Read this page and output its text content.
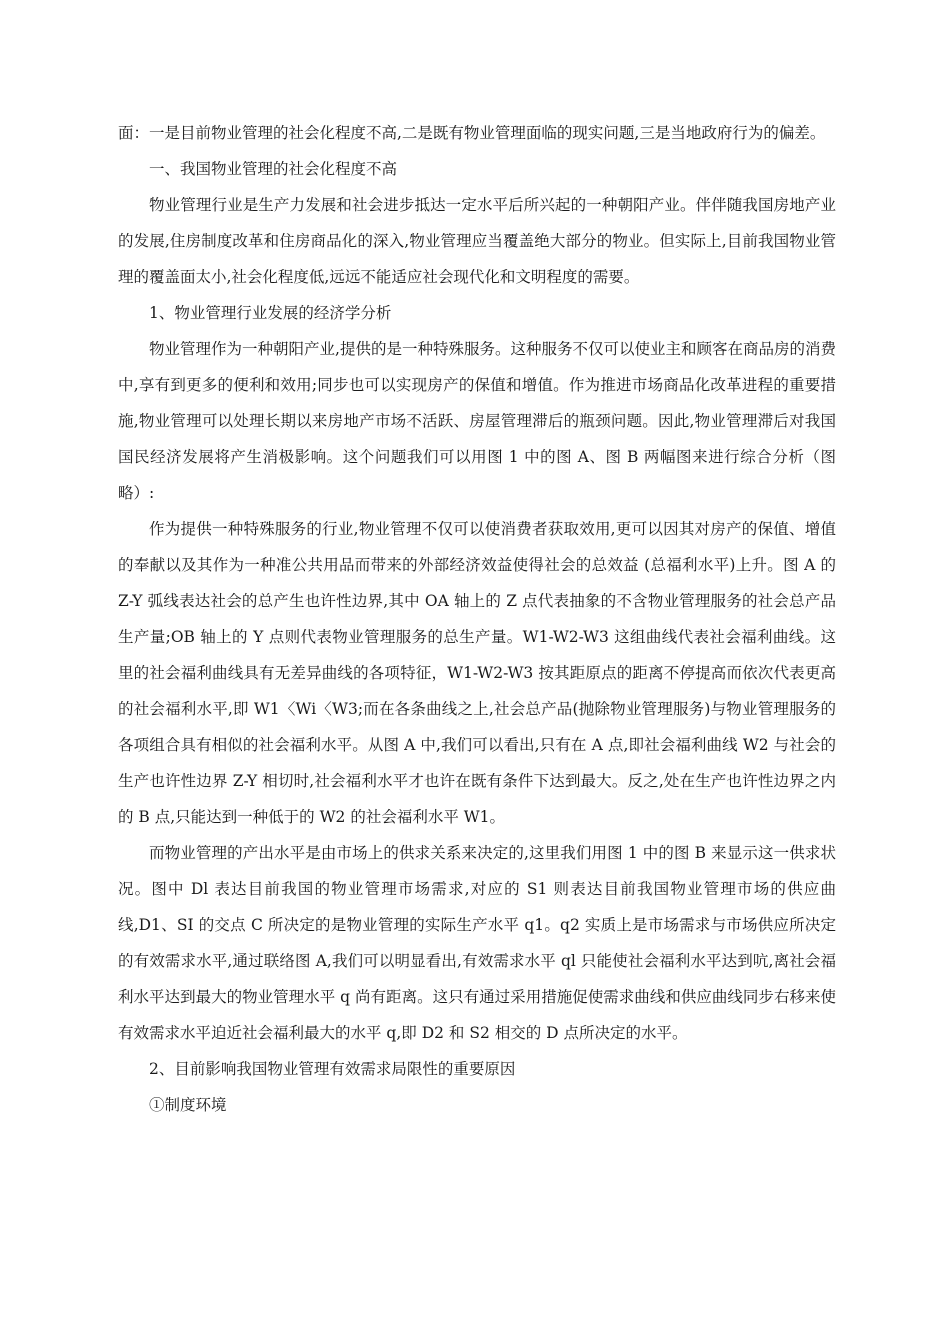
面：一是目前物业管理的社会化程度不高,二是既有物业管理面临的现实问题,三是当地政府行为的偏差。

一、我国物业管理的社会化程度不高

物业管理行业是生产力发展和社会进步抵达一定水平后所兴起的一种朝阳产业。伴伴随我国房地产业的发展,住房制度改革和住房商品化的深入,物业管理应当覆盖绝大部分的物业。但实际上,目前我国物业管理的覆盖面太小,社会化程度低,远远不能适应社会现代化和文明程度的需要。

1、物业管理行业发展的经济学分析

物业管理作为一种朝阳产业,提供的是一种特殊服务。这种服务不仅可以使业主和顾客在商品房的消费中,享有到更多的便利和效用;同步也可以实现房产的保值和增值。作为推进市场商品化改革进程的重要措施,物业管理可以处理长期以来房地产市场不活跃、房屋管理滞后的瓶颈问题。因此,物业管理滞后对我国国民经济发展将产生消极影响。这个问题我们可以用图 1 中的图 A、图 B 两幅图来进行综合分析（图略）:

作为提供一种特殊服务的行业,物业管理不仅可以使消费者获取效用,更可以因其对房产的保值、增值的奉献以及其作为一种准公共用品而带来的外部经济效益使得社会的总效益 (总福利水平)上升。图 A 的 Z-Y 弧线表达社会的总产生也许性边界,其中 OA 轴上的 Z 点代表抽象的不含物业管理服务的社会总产品生产量;OB 轴上的 Y 点则代表物业管理服务的总生产量。W1-W2-W3 这组曲线代表社会福利曲线。这里的社会福利曲线具有无差异曲线的各项特征，W1-W2-W3 按其距原点的距离不停提高而依次代表更高的社会福利水平,即 W1〈Wi〈W3;而在各条曲线之上,社会总产品(抛除物业管理服务)与物业管理服务的各项组合具有相似的社会福利水平。从图 A 中,我们可以看出,只有在 A 点,即社会福利曲线 W2 与社会的生产也许性边界 Z-Y 相切时,社会福利水平才也许在既有条件下达到最大。反之,处在生产也许性边界之内的 B 点,只能达到一种低于的 W2 的社会福利水平 W1。

而物业管理的产出水平是由市场上的供求关系来决定的,这里我们用图 1 中的图 B 来显示这一供求状况。图中 Dl 表达目前我国的物业管理市场需求,对应的 S1 则表达目前我国物业管理市场的供应曲线,D1、SI 的交点 C 所决定的是物业管理的实际生产水平 q1。q2 实质上是市场需求与市场供应所决定的有效需求水平,通过联络图 A,我们可以明显看出,有效需求水平 ql 只能使社会福利水平达到吭,离社会福利水平达到最大的物业管理水平 q 尚有距离。这只有通过采用措施促使需求曲线和供应曲线同步右移来使有效需求水平迫近社会福利最大的水平 q,即 D2 和 S2 相交的 D 点所决定的水平。

2、目前影响我国物业管理有效需求局限性的重要原因

①制度环境
